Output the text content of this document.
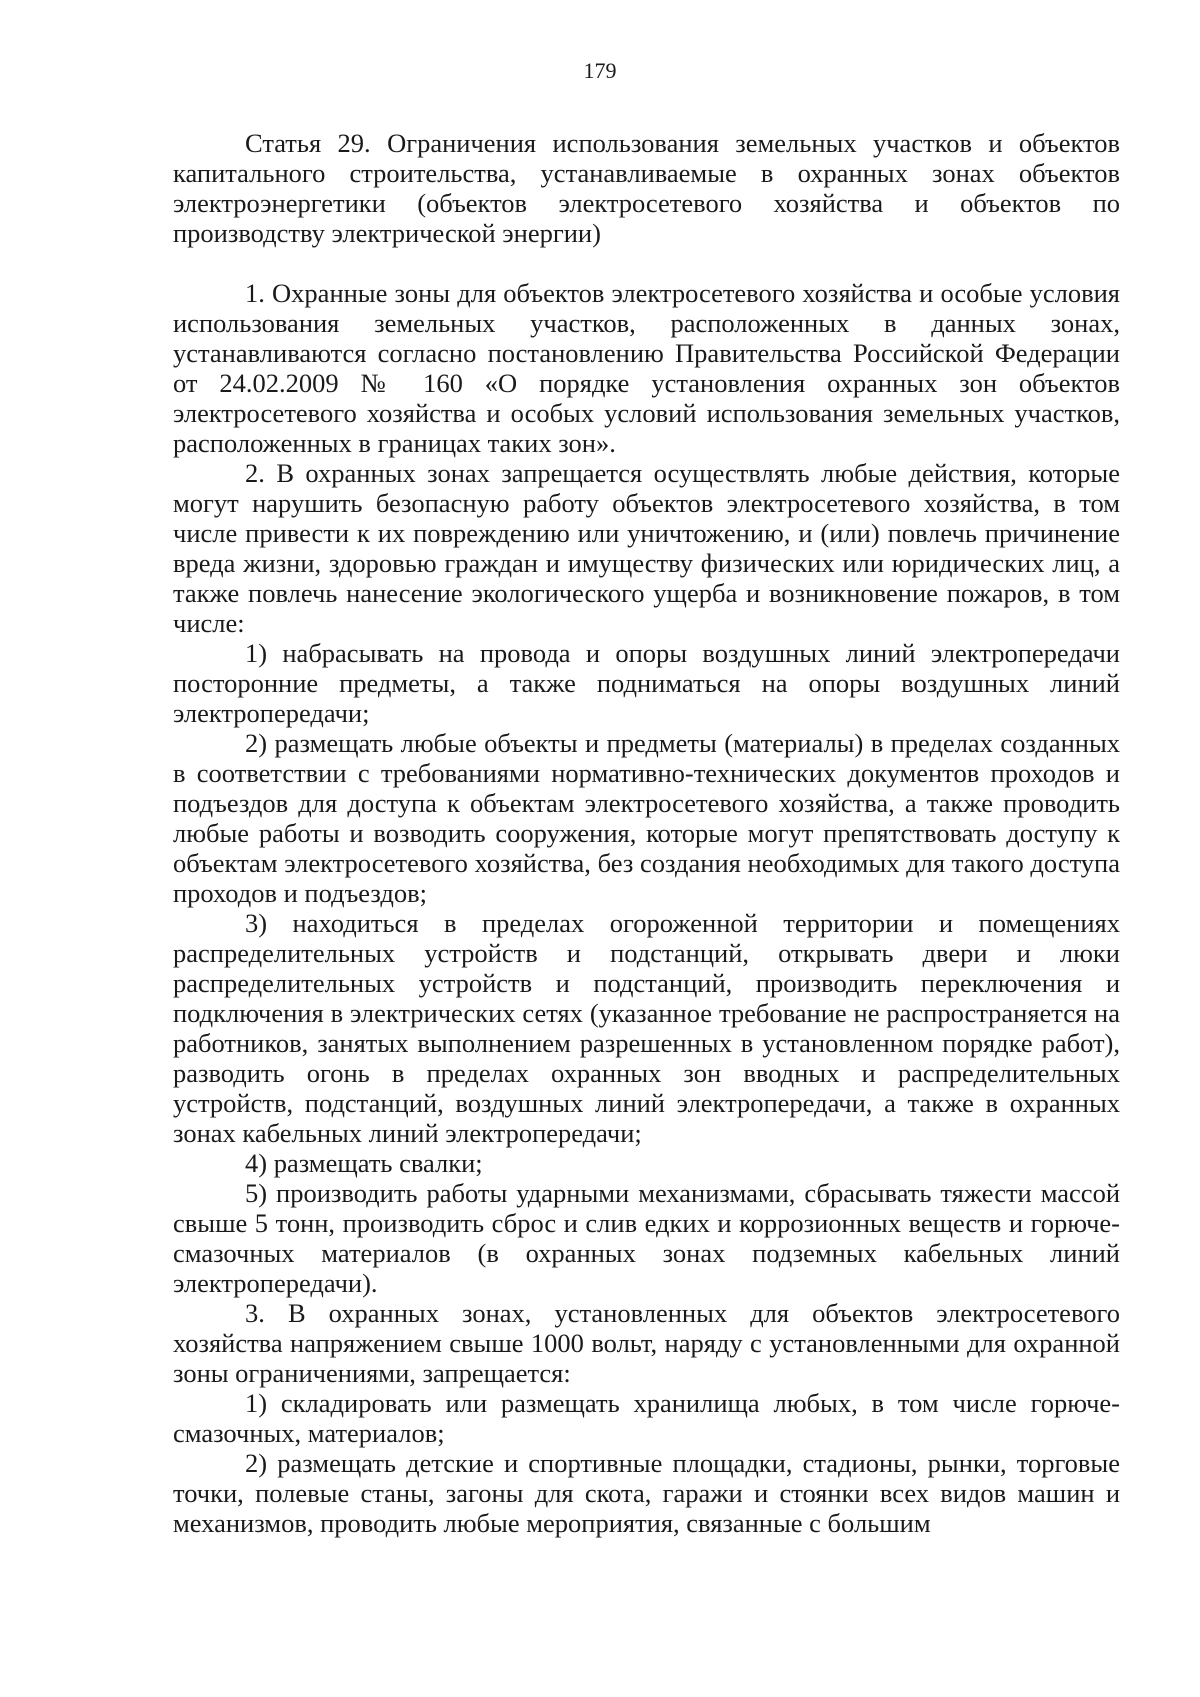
179

Статья 29. Ограничения использования земельных участков и объектов капитального строительства, устанавливаемые в охранных зонах объектов электроэнергетики (объектов электросетевого хозяйства и объектов по производству электрической энергии)

1. Охранные зоны для объектов электросетевого хозяйства и особые условия использования земельных участков, расположенных в данных зонах, устанавливаются согласно постановлению Правительства Российской Федерации от 24.02.2009 № 160 «О порядке установления охранных зон объектов электросетевого хозяйства и особых условий использования земельных участков, расположенных в границах таких зон».

2. В охранных зонах запрещается осуществлять любые действия, которые могут нарушить безопасную работу объектов электросетевого хозяйства, в том числе привести к их повреждению или уничтожению, и (или) повлечь причинение вреда жизни, здоровью граждан и имуществу физических или юридических лиц, а также повлечь нанесение экологического ущерба и возникновение пожаров, в том числе:

1) набрасывать на провода и опоры воздушных линий электропередачи посторонние предметы, а также подниматься на опоры воздушных линий электропередачи;

2) размещать любые объекты и предметы (материалы) в пределах созданных в соответствии с требованиями нормативно-технических документов проходов и подъездов для доступа к объектам электросетевого хозяйства, а также проводить любые работы и возводить сооружения, которые могут препятствовать доступу к объектам электросетевого хозяйства, без создания необходимых для такого доступа проходов и подъездов;

3) находиться в пределах огороженной территории и помещениях распределительных устройств и подстанций, открывать двери и люки распределительных устройств и подстанций, производить переключения и подключения в электрических сетях (указанное требование не распространяется на работников, занятых выполнением разрешенных в установленном порядке работ), разводить огонь в пределах охранных зон вводных и распределительных устройств, подстанций, воздушных линий электропередачи, а также в охранных зонах кабельных линий электропередачи;

4) размещать свалки;

5) производить работы ударными механизмами, сбрасывать тяжести массой свыше 5 тонн, производить сброс и слив едких и коррозионных веществ и горюче-смазочных материалов (в охранных зонах подземных кабельных линий электропередачи).

3. В охранных зонах, установленных для объектов электросетевого хозяйства напряжением свыше 1000 вольт, наряду с установленными для охранной зоны ограничениями, запрещается:

1) складировать или размещать хранилища любых, в том числе горюче-смазочных, материалов;

2) размещать детские и спортивные площадки, стадионы, рынки, торговые точки, полевые станы, загоны для скота, гаражи и стоянки всех видов машин и механизмов, проводить любые мероприятия, связанные с большим
